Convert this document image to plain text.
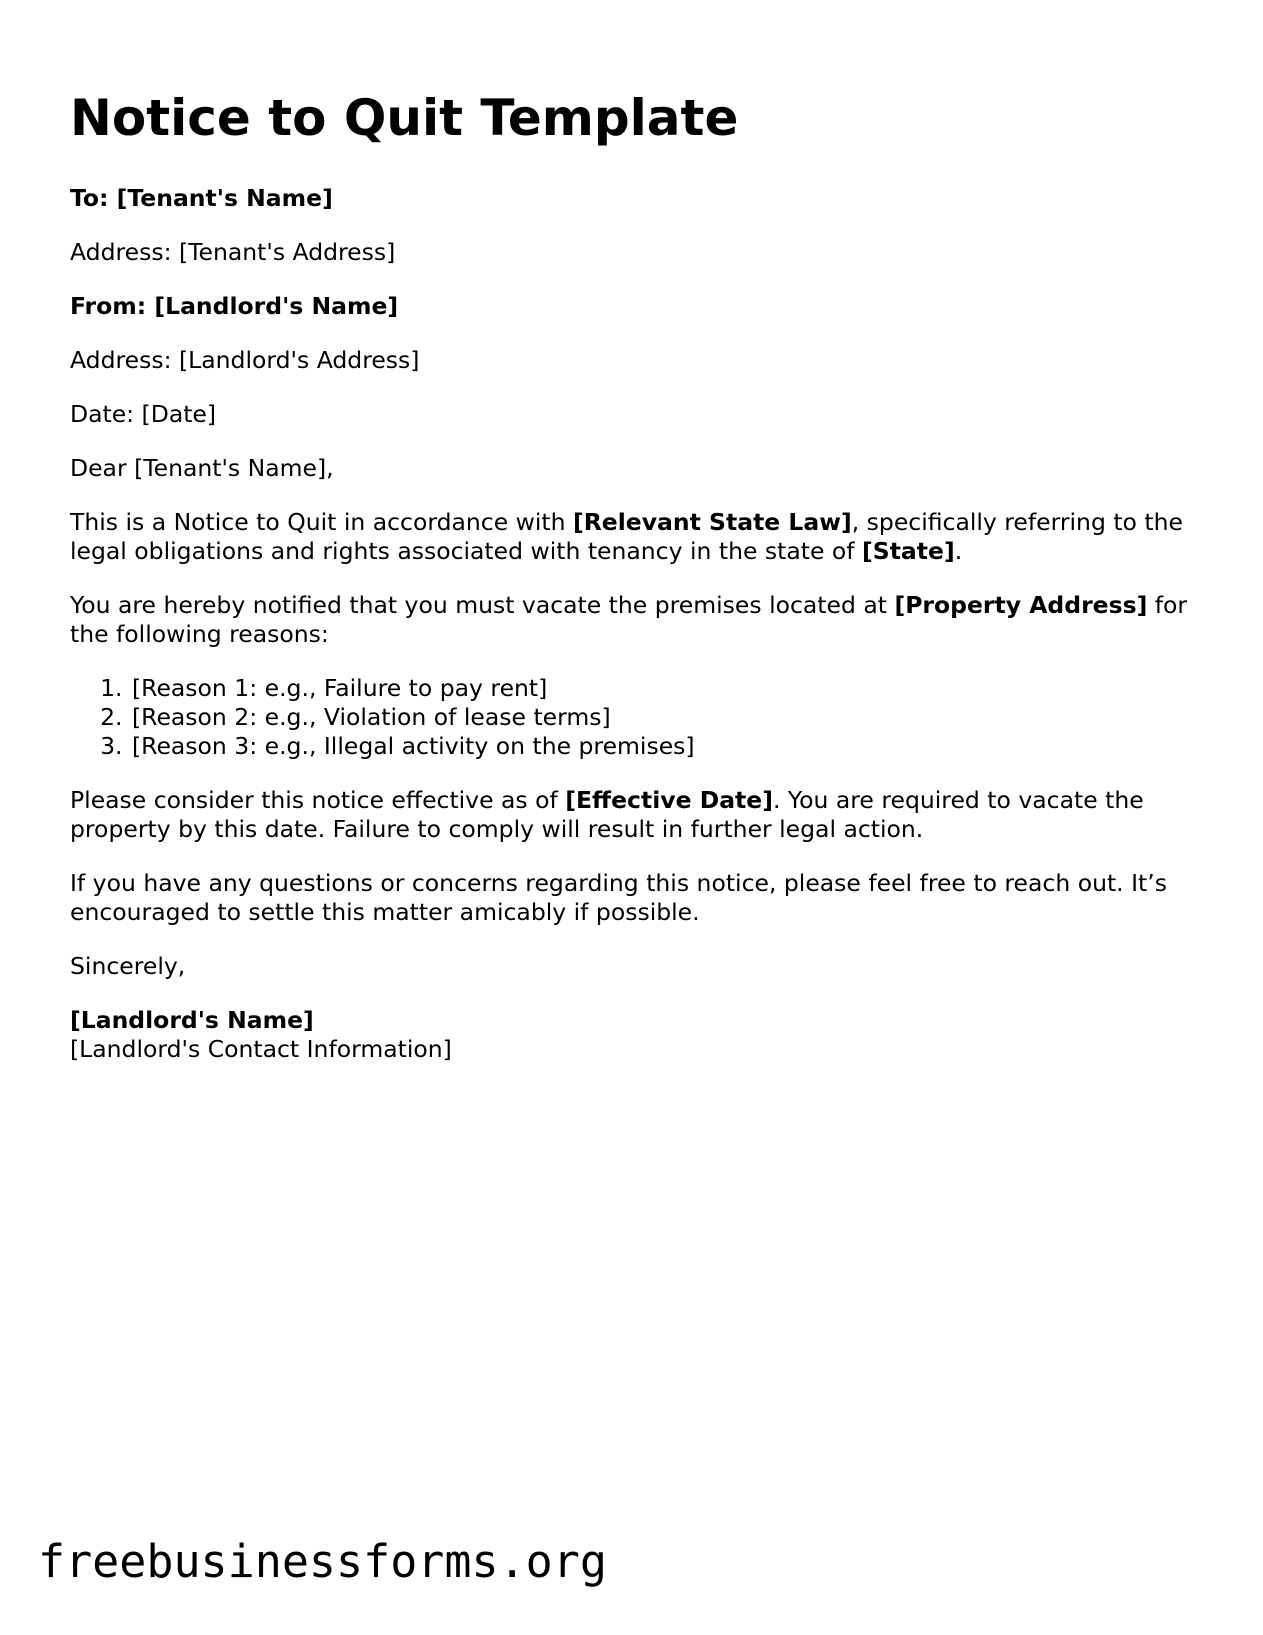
Notice to Quit Template

To: [Tenant's Name]

Address: [Tenant's Address]

From: [Landlord's Name]

Address: [Landlord's Address]

Date: [Date]

Dear [Tenant's Name],

This is a Notice to Quit in accordance with [Relevant State Law], specifically referring to the legal obligations and rights associated with tenancy in the state of [State].

You are hereby notified that you must vacate the premises located at [Property Address] for the following reasons:

1. [Reason 1: e.g., Failure to pay rent]
2. [Reason 2: e.g., Violation of lease terms]
3. [Reason 3: e.g., Illegal activity on the premises]

Please consider this notice effective as of [Effective Date]. You are required to vacate the property by this date. Failure to comply will result in further legal action.

If you have any questions or concerns regarding this notice, please feel free to reach out. It’s encouraged to settle this matter amicably if possible.

Sincerely,

[Landlord's Name]
[Landlord's Contact Information]
freebusinessforms.org
